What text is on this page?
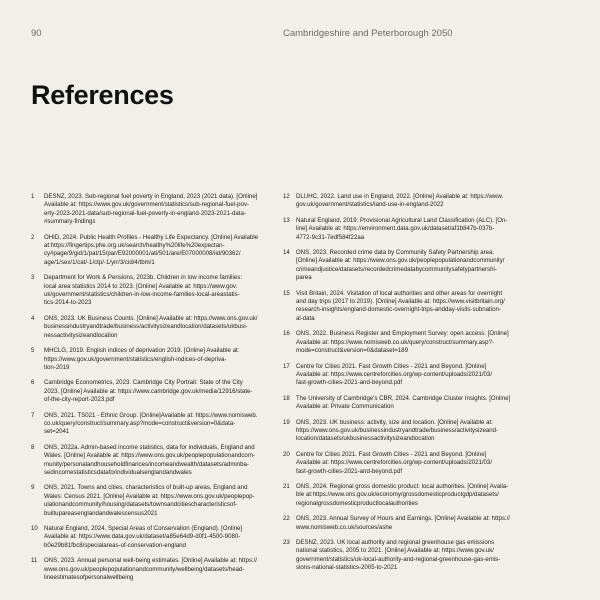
90	Cambridgeshire and Peterborough 2050
References
1	DESNZ, 2023. Sub-regional fuel poverty in England, 2023 (2021 data). [Online]
Available at: https://www.gov.uk/government/statistics/sub-regional-fuel-pov-
erty-2023-2021-data/sub-regional-fuel-poverty-in-england-2023-2021-data-
#summary-findings
2	OHID, 2024. Public Health Profiles - Healthy Life Expectancy. [Online] Available
at:https://fingertips.phe.org.uk/search/healthy%20life%20expectan-
cy#page/9/gid/1/pat/15/par/E92000001/ati/501/are/E07000008/iid/90362/
age/1/sex/1/cat/-1/ctp/-1/yrr/3/cid/4/tbm/1
3	Department for Work & Pensions, 2023b. Children in low income families:
local area statistics 2014 to 2023. [Online] Available at: https://www.gov.
uk/government/statistics/children-in-low-income-families-local-areastatis-
tics-2014-to-2023
4	ONS, 2023. UK Business Counts. [Online] Available at: https://www.ons.gov.uk/
businessindustryandtrade/business/activitysizeandlocation/datasets/ukbusi-
nessactivitysizeandlocation
5	MHCLG, 2019. English indices of deprivation 2019. [Online] Available at:
https://www.gov.uk/government/statistics/english-indices-of-depriva-
tion-2019
6	Cambridge Econometrics, 2023. Cambridge City Portrait: State of the City
2023. [Online] Available at: https://www.cambridge.gov.uk/media/12916/state-
of-the-city-report-2023.pdf
7	ONS, 2021. TS021 - Ethnic Group. [Online]Available at: https://www.nomisweb.
co.uk/query/construct/summary.asp?mode=construct&version=0&data-
set=2041
8	ONS, 2022a. Admin-based income statistics, data for individuals, England and
Wales. [Online] Available at: https://www.ons.gov.uk/peoplepopulationandcom-
munity/personalandhouseholdfinances/incomeandwealth/datasets/adminba-
sedincomestatisticsdataforindividualsenglandandwales
9	ONS, 2021. Towns and cities, characteristics of built-up areas, England and
Wales: Census 2021. [Online] Available at: https://www.ons.gov.uk/peoplepop-
ulationandcommunity/housing/datasets/townsandcitiescharacteristicsof-
builtupareasenglandandwalescensus2021
10	Natural England, 2024. Special Areas of Conservation (England). [Online]
Available at: https://www.data.gov.uk/dataset/a85e64d9-d0f1-4500-9080-
b0e29b81fbc8/specialareas-of-conservation-england
11	ONS, 2023. Annual personal well-being estimates. [Online] Available at: https://
www.ons.gov.uk/peoplepopulationandcommunity/wellbeing/datasets/head-
lineestimatesofpersonalwellbeing
12	DLUHC, 2022. Land use in England, 2022. [Online] Available at: https://www.
gov.uk/government/statistics/land-use-in-england-2022
13	Natural England, 2019. Provisional Agricultural Land Classification (ALC). [On-
line] Available at: https://environment.data.gov.uk/dataset/af1b847b-037b-
4772-9c31-7edf584f22aa
14	ONS, 2023. Recorded crime data by Community Safety Partnership area.
[Online] Available at: https://www.ons.gov.uk/peoplepopulationandcommunity/
crimeandjustice/datasets/recordedcrimedatabycommunitysafetypartnershi-
parea
15	Visit Britain, 2024. Visitation of local authorities and other areas for overnight
and day trips (2017 to 2019). [Online] Available at: https://www.visitbritain.org/
research-insights/england-domestic-overnight-trips-andday-visits-subnation-
al-data
16	ONS, 2022. Business Register and Employment Survey: open access. [Online]
Available at: https://www.nomisweb.co.uk/query/construct/summary.asp?-
mode=construct&version=0&dataset=189
17	Centre for Cities 2021. Fast Growth Cities - 2021 and Beyond. [Online]
Available at: https://www.centreforcities.org/wp-content/uploads/2021/03/
fast-growth-cities-2021-and-beyond.pdf
18	The University of Cambridge's CBR, 2024. Cambridge Cluster Insights. [Online]
Available at: Private Communication
19	ONS, 2023. UK business: activity, size and location. [Online] Available at:
https://www.ons.gov.uk/businessindustryandtrade/business/activitysizeand-
location/datasets/ukbusinessactivitysizeandlocation
20	Centre for Cities 2021. Fast Growth Cities - 2021 and Beyond. [Online]
Available at: https://www.centreforcities.org/wp-content/uploads/2021/03/
fast-growth-cities-2021-and-beyond.pdf
21	ONS, 2024. Regional gross domestic product: local authorities. [Online] Availa-
ble at:https://www.ons.gov.uk/economy/grossdomesticproductgdp/datasets/
regionalgrossdomesticproductlocalauthorities
22	ONS, 2023. Annual Survey of Hours and Earnings. [Online] Available at: https://
www.nomisweb.co.uk/sources/ashe
23	DESNZ, 2023. UK local authority and regional greenhouse gas emissions
national statistics, 2005 to 2021. [Online] Available at: https://www.gov.uk/
government/statistics/uk-local-authority-and-regional-greenhouse-gas-emis-
sions-national-statistics-2005-to-2021
